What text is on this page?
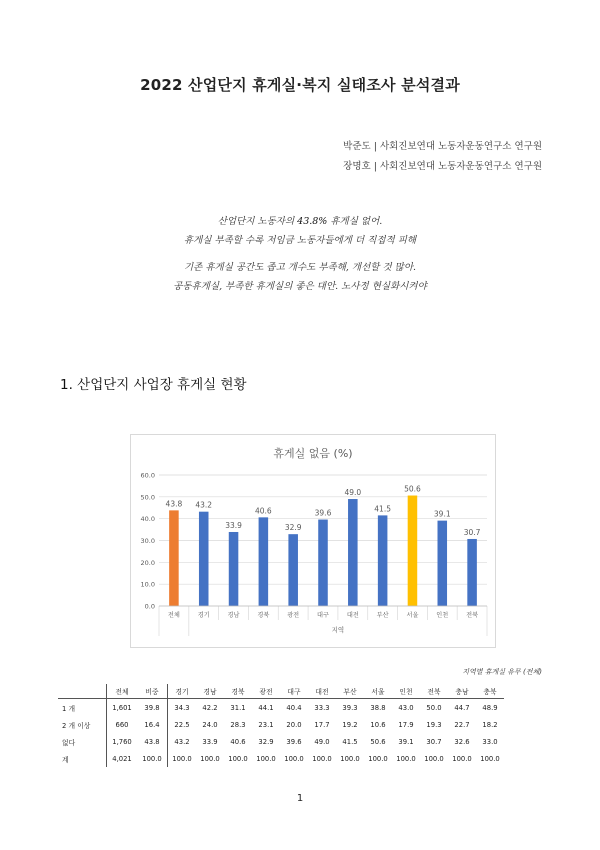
2022 산업단지 휴게실·복지 실태조사 분석결과
박준도 | 사회진보연대 노동자운동연구소 연구원
장명호 | 사회진보연대 노동자운동연구소 연구원
산업단지 노동자의 43.8% 휴게실 없어.
휴게실 부족할 수록 저임금 노동자들에게 더 직접적 피해
기존 휴게실 공간도 좁고 개수도 부족해, 개선할 것 많아.
공동휴게실, 부족한 휴게실의 좋은 대안. 노사정 현실화시켜야
1. 산업단지 사업장 휴게실 현황
휴게실 없음 (%)
0.0
10.0
20.0
30.0
40.0
50.0
60.0
43.8
전체
43.2
경기
33.9
경남
40.6
경북
32.9
광전
39.6
대구
49.0
대전
41.5
부산
50.6
서울
39.1
인천
30.7
전북
지역
지역별 휴게실 유무 (전체)
	전체	비중	경기	경남	경북	광전	대구	대전	부산	서울	인천	전북	충남	충북
1 개	1,601	39.8	34.3	42.2	31.1	44.1	40.4	33.3	39.3	38.8	43.0	50.0	44.7	48.9
2 개 이상	660	16.4	22.5	24.0	28.3	23.1	20.0	17.7	19.2	10.6	17.9	19.3	22.7	18.2
없다	1,760	43.8	43.2	33.9	40.6	32.9	39.6	49.0	41.5	50.6	39.1	30.7	32.6	33.0
계	4,021	100.0	100.0	100.0	100.0	100.0	100.0	100.0	100.0	100.0	100.0	100.0	100.0	100.0
1
